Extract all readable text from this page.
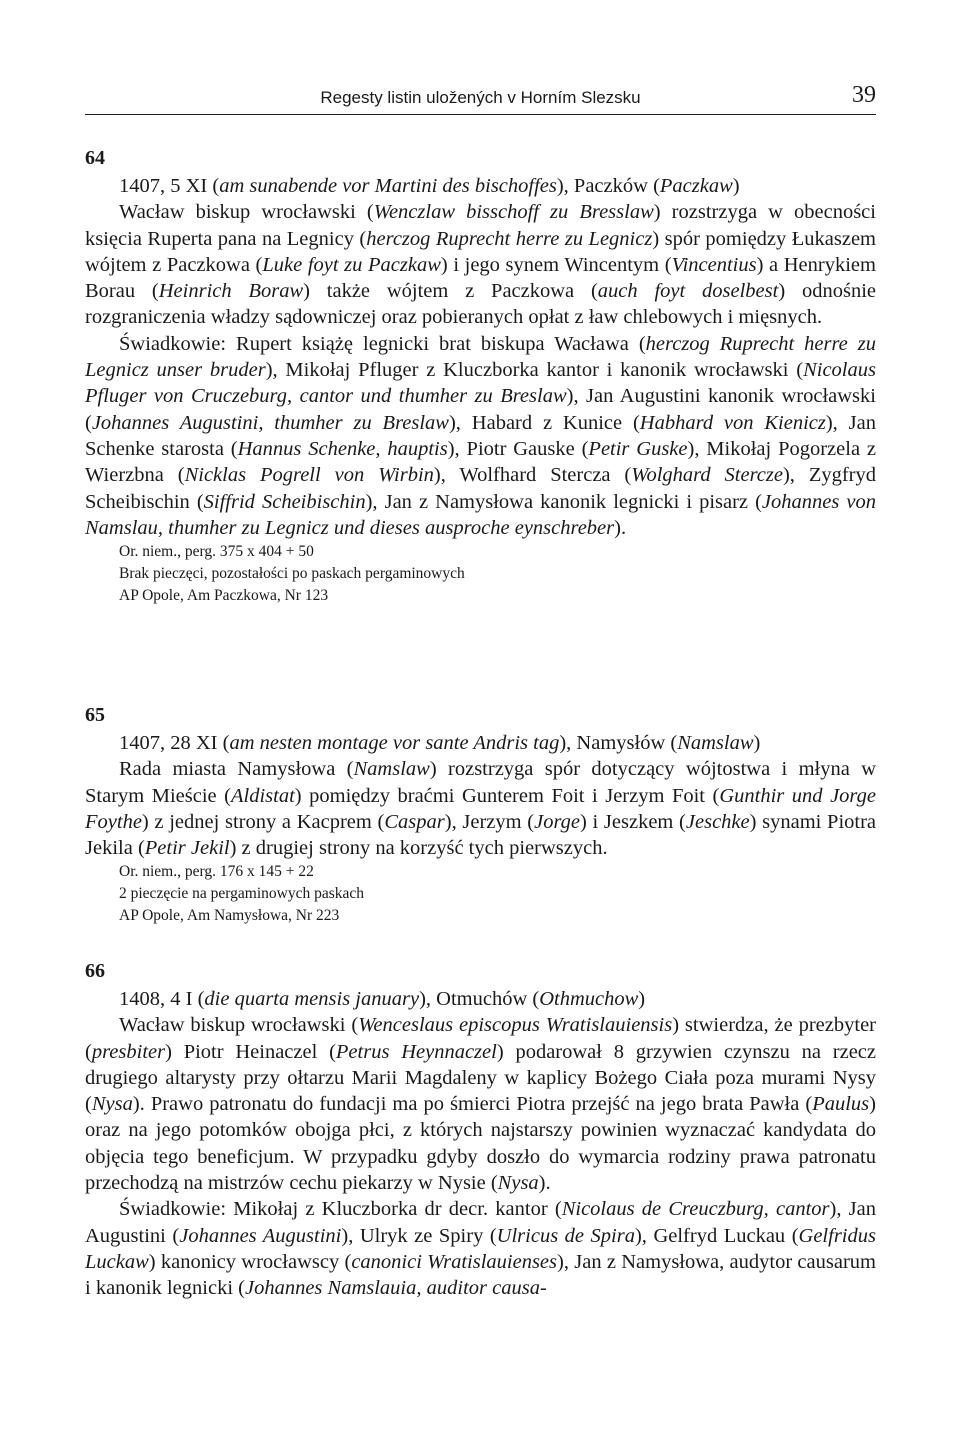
Regesty listin uložených v Horním Slezsku	39
64

1407, 5 XI (am sunabende vor Martini des bischoffes), Paczków (Paczkaw)

Wacław biskup wrocławski (Wenczlaw bisschoff zu Bresslaw) rozstrzyga w obecności księcia Ruperta pana na Legnicy (herczog Ruprecht herre zu Legnicz) spór pomiędzy Łukaszem wójtem z Paczkowa (Luke foyt zu Paczkaw) i jego synem Wincentym (Vincentius) a Henrykiem Borau (Heinrich Boraw) także wójtem z Paczkowa (auch foyt doselbest) odnośnie rozgraniczenia władzy sądowniczej oraz pobieranych opłat z ław chlebowych i mięsnych.

Świadkowie: Rupert książę legnicki brat biskupa Wacława (herczog Ruprecht herre zu Legnicz unser bruder), Mikołaj Pfluger z Kluczborka kantor i kanonik wrocławski (Nicolaus Pfluger von Cruczeburg, cantor und thumher zu Breslaw), Jan Augustini kanonik wrocławski (Johannes Augustini, thumher zu Breslaw), Habard z Kunice (Habhard von Kienicz), Jan Schenke starosta (Hannus Schenke, hauptis), Piotr Gauske (Petir Guske), Mikołaj Pogorzela z Wierzbna (Nicklas Pogrell von Wirbin), Wolfhard Stercza (Wolghard Stercze), Zygfryd Scheibischin (Siffrid Scheibischin), Jan z Namysłowa kanonik legnicki i pisarz (Johannes von Namslau, thumher zu Legnicz und dieses ausproche eynschreber).

Or. niem., perg. 375 x 404 + 50

Brak pieczęci, pozostałości po paskach pergaminowych

AP Opole, Am Paczkowa, Nr 123

65

1407, 28 XI (am nesten montage vor sante Andris tag), Namysłów (Namslaw)

Rada miasta Namysłowa (Namslaw) rozstrzyga spór dotyczący wójtostwa i młyna w Starym Mieście (Aldistat) pomiędzy braćmi Gunterem Foit i Jerzym Foit (Gunthir und Jorge Foythe) z jednej strony a Kacprem (Caspar), Jerzym (Jorge) i Jeszkem (Jeschke) synami Piotra Jekila (Petir Jekil) z drugiej strony na korzyść tych pierwszych.

Or. niem., perg. 176 x 145 + 22

2 pieczęcie na pergaminowych paskach

AP Opole, Am Namysłowa, Nr 223

66

1408, 4 I (die quarta mensis january), Otmuchów (Othmuchow)

Wacław biskup wrocławski (Wenceslaus episcopus Wratislauiensis) stwierdza, że prezbyter (presbiter) Piotr Heinaczel (Petrus Heynnaczel) podarował 8 grzywien czynszu na rzecz drugiego altarysty przy ołtarzu Marii Magdaleny w kaplicy Bożego Ciała poza murami Nysy (Nysa). Prawo patronatu do fundacji ma po śmierci Piotra przejść na jego brata Pawła (Paulus) oraz na jego potomków obojga płci, z których najstarszy powinien wyznaczać kandydata do objęcia tego beneficjum. W przypadku gdyby doszło do wymarcia rodziny prawa patronatu przechodzą na mistrzów cechu piekarzy w Nysie (Nysa).

Świadkowie: Mikołaj z Kluczborka dr decr. kantor (Nicolaus de Creuczburg, cantor), Jan Augustini (Johannes Augustini), Ulryk ze Spiry (Ulricus de Spira), Gelfryd Luckau (Gelfridus Luckaw) kanonicy wrocławscy (canonici Wratislauienses), Jan z Namysłowa, audytor causarum i kanonik legnicki (Johannes Namslauia, auditor causa-
